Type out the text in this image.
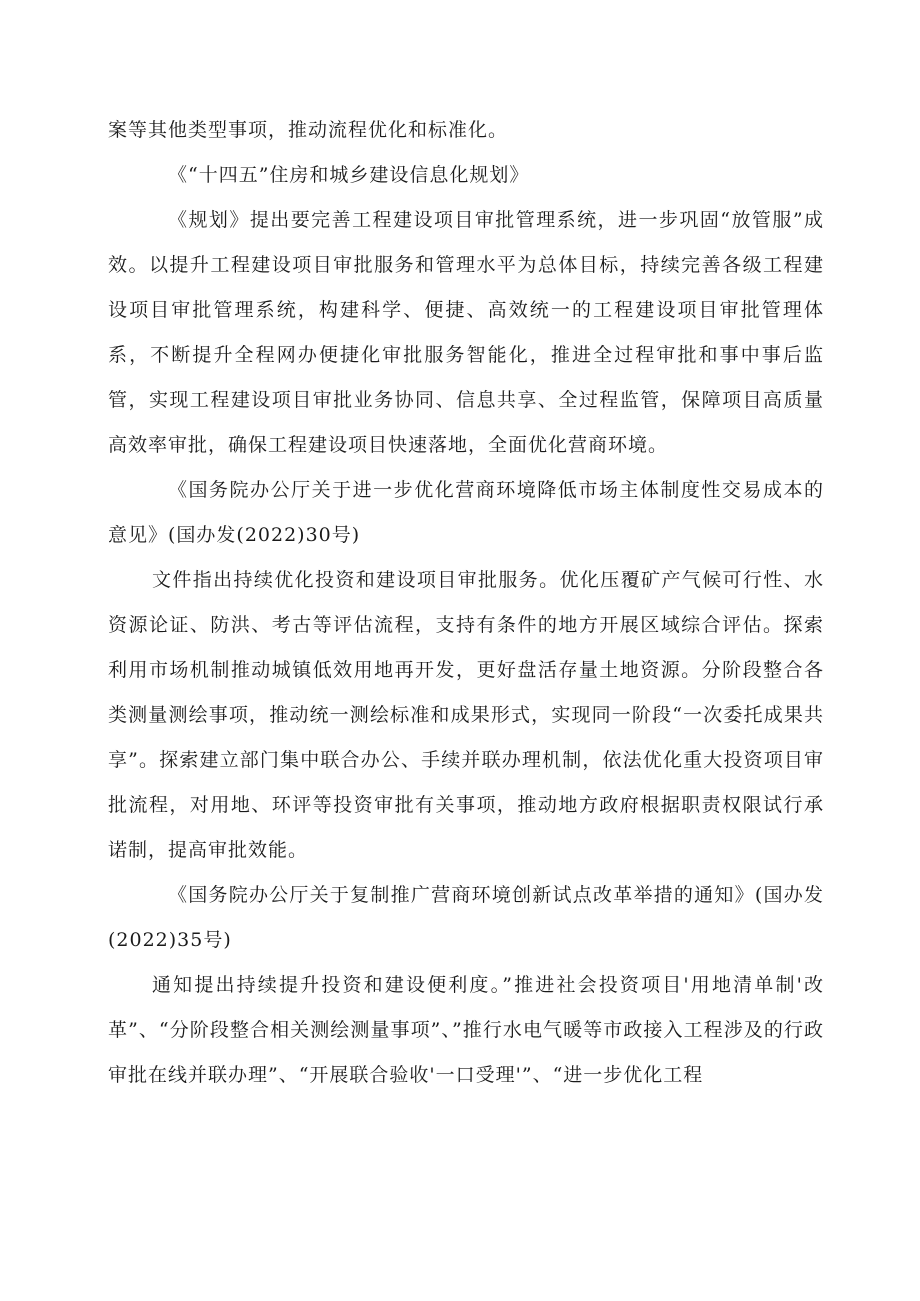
案等其他类型事项，推动流程优化和标准化。

《“十四五”住房和城乡建设信息化规划》

《规划》提出要完善工程建设项目审批管理系统，进一步巩固“放管服”成效。以提升工程建设项目审批服务和管理水平为总体目标，持续完善各级工程建设项目审批管理系统，构建科学、便捷、高效统一的工程建设项目审批管理体系，不断提升全程网办便捷化审批服务智能化，推进全过程审批和事中事后监管，实现工程建设项目审批业务协同、信息共享、全过程监管，保障项目高质量高效率审批，确保工程建设项目快速落地，全面优化营商环境。

《国务院办公厅关于进一步优化营商环境降低市场主体制度性交易成本的意见》(国办发(2022)30号)

文件指出持续优化投资和建设项目审批服务。优化压覆矿产气候可行性、水资源论证、防洪、考古等评估流程，支持有条件的地方开展区域综合评估。探索利用市场机制推动城镇低效用地再开发，更好盘活存量土地资源。分阶段整合各类测量测绘事项，推动统一测绘标准和成果形式，实现同一阶段“一次委托成果共享”。探索建立部门集中联合办公、手续并联办理机制，依法优化重大投资项目审批流程，对用地、环评等投资审批有关事项，推动地方政府根据职责权限试行承诺制，提高审批效能。

《国务院办公厅关于复制推广营商环境创新试点改革举措的通知》(国办发(2022)35号)

通知提出持续提升投资和建设便利度。”推进社会投资项目'用地清单制'改革”、“分阶段整合相关测绘测量事项”、”推行水电气暖等市政接入工程涉及的行政审批在线并联办理”、“开展联合验收'一口受理'”、“进一步优化工程
